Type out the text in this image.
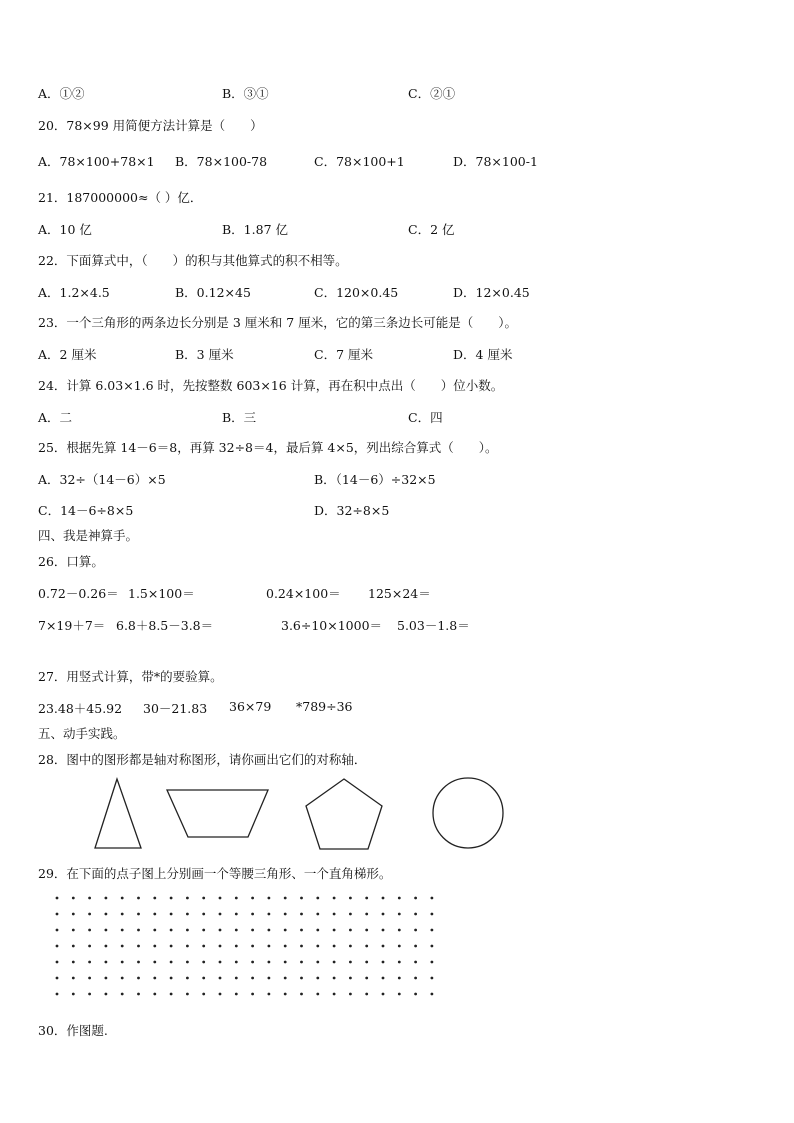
A．①②	B．③①	C．②①
20．78×99 用简便方法计算是（　　）
A．78×100+78×1 B．78×100-78	C．78×100+1	D．78×100-1
21．187000000≈（ ）亿．
A．10 亿	B．1.87 亿	C．2 亿
22．下面算式中，（　　）的积与其他算式的积不相等。
A．1.2×4.5	B．0.12×45	C．120×0.45	D．12×0.45
23．一个三角形的两条边长分别是 3 厘米和 7 厘米，它的第三条边长可能是（　　）。
A．2 厘米	B．3 厘米	C．7 厘米	D．4 厘米
24．计算 6.03×1.6 时，先按整数 603×16 计算，再在积中点出（　　）位小数。
A．二	B．三	C．四
25．根据先算 14－6＝8，再算 32÷8＝4，最后算 4×5，列出综合算式（　　）。
A．32÷（14－6）×5	B．（14－6）÷32×5
C．14－6÷8×5	D．32÷8×5
四、我是神算手。
26．口算。
0.72－0.26＝ 1.5×100＝	0.24×100＝ 125×24＝
7×19＋7＝ 6.8＋8.5－3.8＝	3.6÷10×1000＝ 5.03－1.8＝
27．用竖式计算，带*的要验算。
23.48＋45.92 30－21.83 36×79 *789÷36
五、动手实践。
28．图中的图形都是轴对称图形，请你画出它们的对称轴．
29．在下面的点子图上分别画一个等腰三角形、一个直角梯形。
30．作图题.
